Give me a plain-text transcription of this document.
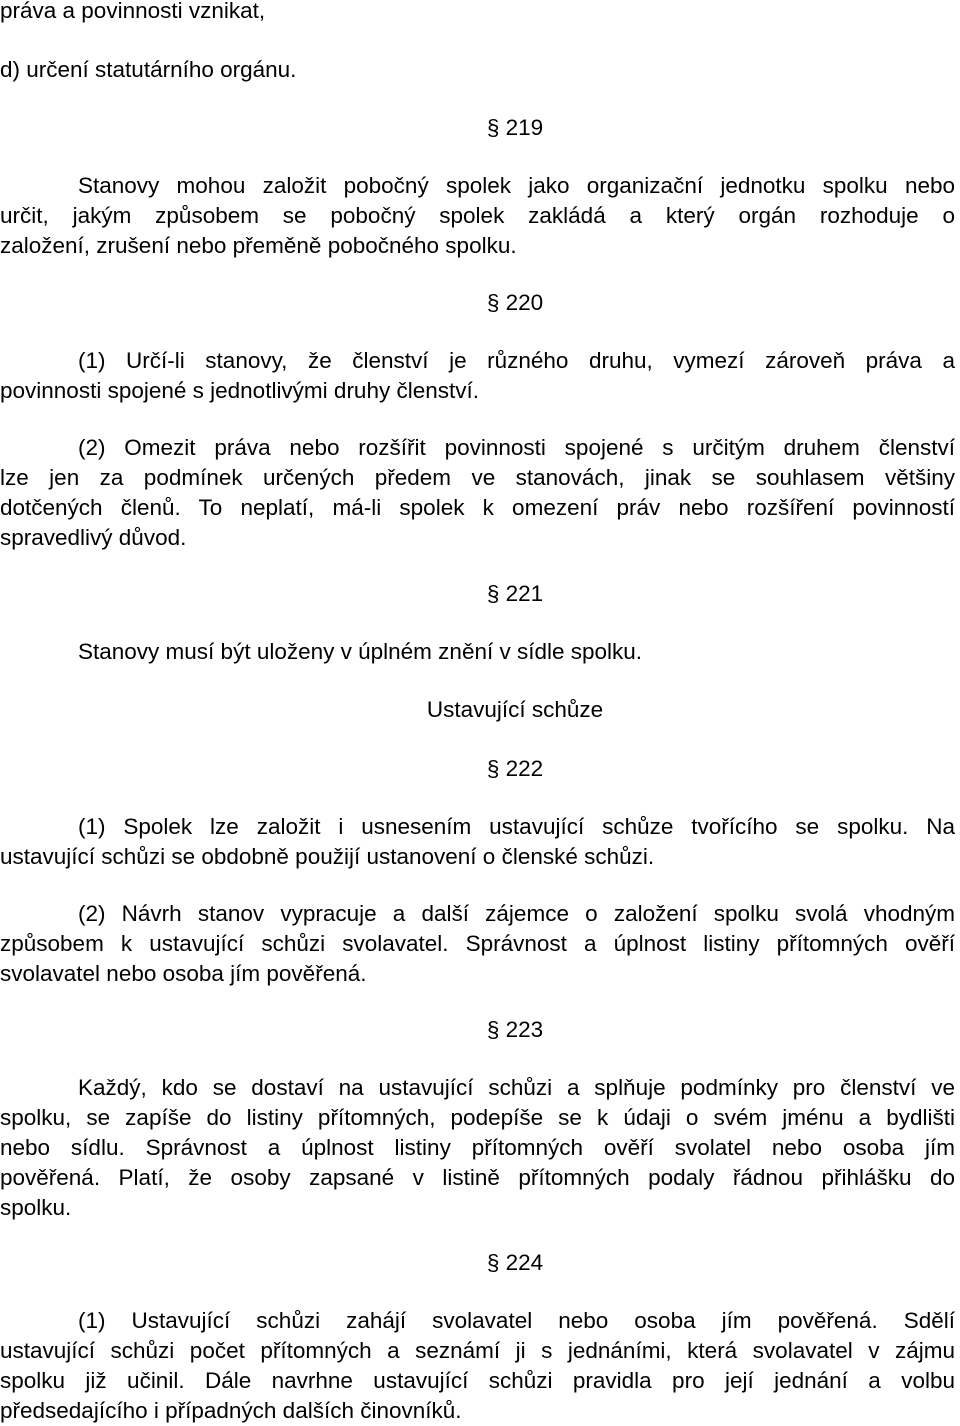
práva a povinnosti vznikat,
d) určení statutárního orgánu.
§ 219
Stanovy mohou založit pobočný spolek jako organizační jednotku spolku nebo
určit, jakým způsobem se pobočný spolek zakládá a který orgán rozhoduje o
založení, zrušení nebo přeměně pobočného spolku.
§ 220
(1) Určí-li stanovy, že členství je různého druhu, vymezí zároveň práva a
povinnosti spojené s jednotlivými druhy členství.
(2) Omezit práva nebo rozšířit povinnosti spojené s určitým druhem členství
lze jen za podmínek určených předem ve stanovách, jinak se souhlasem většiny
dotčených členů. To neplatí, má-li spolek k omezení práv nebo rozšíření povinností
spravedlivý důvod.
§ 221
Stanovy musí být uloženy v úplném znění v sídle spolku.
Ustavující schůze
§ 222
(1) Spolek lze založit i usnesením ustavující schůze tvořícího se spolku. Na
ustavující schůzi se obdobně použijí ustanovení o členské schůzi.
(2) Návrh stanov vypracuje a další zájemce o založení spolku svolá vhodným
způsobem k ustavující schůzi svolavatel. Správnost a úplnost listiny přítomných ověří
svolavatel nebo osoba jím pověřená.
§ 223
Každý, kdo se dostaví na ustavující schůzi a splňuje podmínky pro členství ve
spolku, se zapíše do listiny přítomných, podepíše se k údaji o svém jménu a bydlišti
nebo sídlu. Správnost a úplnost listiny přítomných ověří svolatel nebo osoba jím
pověřená. Platí, že osoby zapsané v listině přítomných podaly řádnou přihlášku do
spolku.
§ 224
(1) Ustavující schůzi zahájí svolavatel nebo osoba jím pověřená. Sdělí
ustavující schůzi počet přítomných a seznámí ji s jednáními, která svolavatel v zájmu
spolku již učinil. Dále navrhne ustavující schůzi pravidla pro její jednání a volbu
předsedajícího i případných dalších činovníků.
